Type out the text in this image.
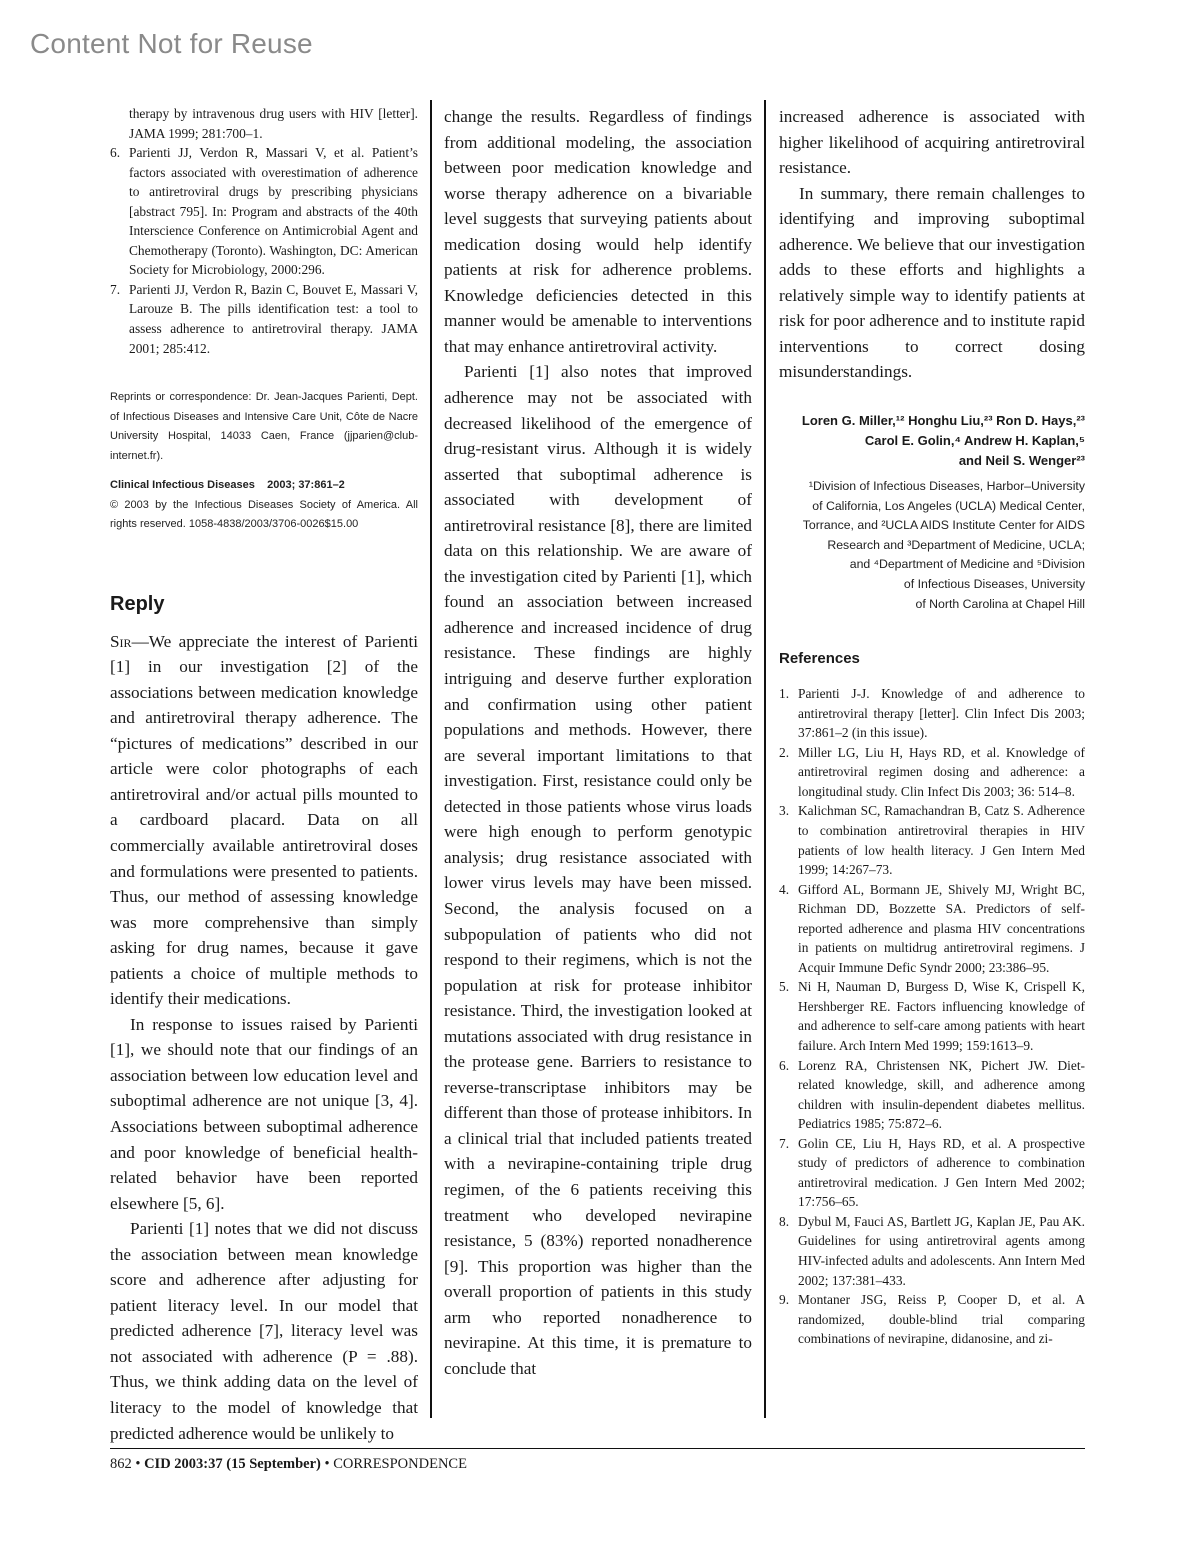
Content Not for Reuse
therapy by intravenous drug users with HIV [letter]. JAMA 1999; 281:700–1.
6. Parienti JJ, Verdon R, Massari V, et al. Patient’s factors associated with overestimation of adherence to antiretroviral drugs by prescribing physicians [abstract 795]. In: Program and abstracts of the 40th Interscience Conference on Antimicrobial Agent and Chemotherapy (Toronto). Washington, DC: American Society for Microbiology, 2000:296.
7. Parienti JJ, Verdon R, Bazin C, Bouvet E, Massari V, Larouze B. The pills identification test: a tool to assess adherence to antiretroviral therapy. JAMA 2001; 285:412.
Reprints or correspondence: Dr. Jean-Jacques Parienti, Dept. of Infectious Diseases and Intensive Care Unit, Côte de Nacre University Hospital, 14033 Caen, France (jjparien@club-internet.fr).
Clinical Infectious Diseases 2003; 37:861–2
© 2003 by the Infectious Diseases Society of America. All rights reserved. 1058-4838/2003/3706-0026$15.00
Reply

Sir—We appreciate the interest of Parienti [1] in our investigation [2] of the associations between medication knowledge and antiretroviral therapy adherence. The “pictures of medications” described in our article were color photographs of each antiretroviral and/or actual pills mounted to a cardboard placard. Data on all commercially available antiretroviral doses and formulations were presented to patients. Thus, our method of assessing knowledge was more comprehensive than simply asking for drug names, because it gave patients a choice of multiple methods to identify their medications.

In response to issues raised by Parienti [1], we should note that our findings of an association between low education level and suboptimal adherence are not unique [3, 4]. Associations between suboptimal adherence and poor knowledge of beneficial health-related behavior have been reported elsewhere [5, 6].

Parienti [1] notes that we did not discuss the association between mean knowledge score and adherence after adjusting for patient literacy level. In our model that predicted adherence [7], literacy level was not associated with adherence (P = .88). Thus, we think adding data on the level of literacy to the model of knowledge that predicted adherence would be unlikely to

change the results. Regardless of findings from additional modeling, the association between poor medication knowledge and worse therapy adherence on a bivariable level suggests that surveying patients about medication dosing would help identify patients at risk for adherence problems. Knowledge deficiencies detected in this manner would be amenable to interventions that may enhance antiretroviral activity.

Parienti [1] also notes that improved adherence may not be associated with decreased likelihood of the emergence of drug-resistant virus. Although it is widely asserted that suboptimal adherence is associated with development of antiretroviral resistance [8], there are limited data on this relationship. We are aware of the investigation cited by Parienti [1], which found an association between increased adherence and increased incidence of drug resistance. These findings are highly intriguing and deserve further exploration and confirmation using other patient populations and methods. However, there are several important limitations to that investigation. First, resistance could only be detected in those patients whose virus loads were high enough to perform genotypic analysis; drug resistance associated with lower virus levels may have been missed. Second, the analysis focused on a subpopulation of patients who did not respond to their regimens, which is not the population at risk for protease inhibitor resistance. Third, the investigation looked at mutations associated with drug resistance in the protease gene. Barriers to resistance to reverse-transcriptase inhibitors may be different than those of protease inhibitors. In a clinical trial that included patients treated with a nevirapine-containing triple drug regimen, of the 6 patients receiving this treatment who developed nevirapine resistance, 5 (83%) reported nonadherence [9]. This proportion was higher than the overall proportion of patients in this study arm who reported nonadherence to nevirapine. At this time, it is premature to conclude that

increased adherence is associated with higher likelihood of acquiring antiretroviral resistance.

In summary, there remain challenges to identifying and improving suboptimal adherence. We believe that our investigation adds to these efforts and highlights a relatively simple way to identify patients at risk for poor adherence and to institute rapid interventions to correct dosing misunderstandings.

Loren G. Miller,¹² Honghu Liu,²³ Ron D. Hays,²³
Carol E. Golin,⁴ Andrew H. Kaplan,⁵
and Neil S. Wenger²³
¹Division of Infectious Diseases, Harbor–University
of California, Los Angeles (UCLA) Medical Center,
Torrance, and ²UCLA AIDS Institute Center for AIDS
Research and ³Department of Medicine, UCLA;
and ⁴Department of Medicine and ⁵Division
of Infectious Diseases, University
of North Carolina at Chapel Hill
References
1. Parienti J-J. Knowledge of and adherence to antiretroviral therapy [letter]. Clin Infect Dis 2003; 37:861–2 (in this issue).
2. Miller LG, Liu H, Hays RD, et al. Knowledge of antiretroviral regimen dosing and adherence: a longitudinal study. Clin Infect Dis 2003; 36: 514–8.
3. Kalichman SC, Ramachandran B, Catz S. Adherence to combination antiretroviral therapies in HIV patients of low health literacy. J Gen Intern Med 1999; 14:267–73.
4. Gifford AL, Bormann JE, Shively MJ, Wright BC, Richman DD, Bozzette SA. Predictors of self-reported adherence and plasma HIV concentrations in patients on multidrug antiretroviral regimens. J Acquir Immune Defic Syndr 2000; 23:386–95.
5. Ni H, Nauman D, Burgess D, Wise K, Crispell K, Hershberger RE. Factors influencing knowledge of and adherence to self-care among patients with heart failure. Arch Intern Med 1999; 159:1613–9.
6. Lorenz RA, Christensen NK, Pichert JW. Diet-related knowledge, skill, and adherence among children with insulin-dependent diabetes mellitus. Pediatrics 1985; 75:872–6.
7. Golin CE, Liu H, Hays RD, et al. A prospective study of predictors of adherence to combination antiretroviral medication. J Gen Intern Med 2002; 17:756–65.
8. Dybul M, Fauci AS, Bartlett JG, Kaplan JE, Pau AK. Guidelines for using antiretroviral agents among HIV-infected adults and adolescents. Ann Intern Med 2002; 137:381–433.
9. Montaner JSG, Reiss P, Cooper D, et al. A randomized, double-blind trial comparing combinations of nevirapine, didanosine, and zi-
862 • CID 2003:37 (15 September) • CORRESPONDENCE
